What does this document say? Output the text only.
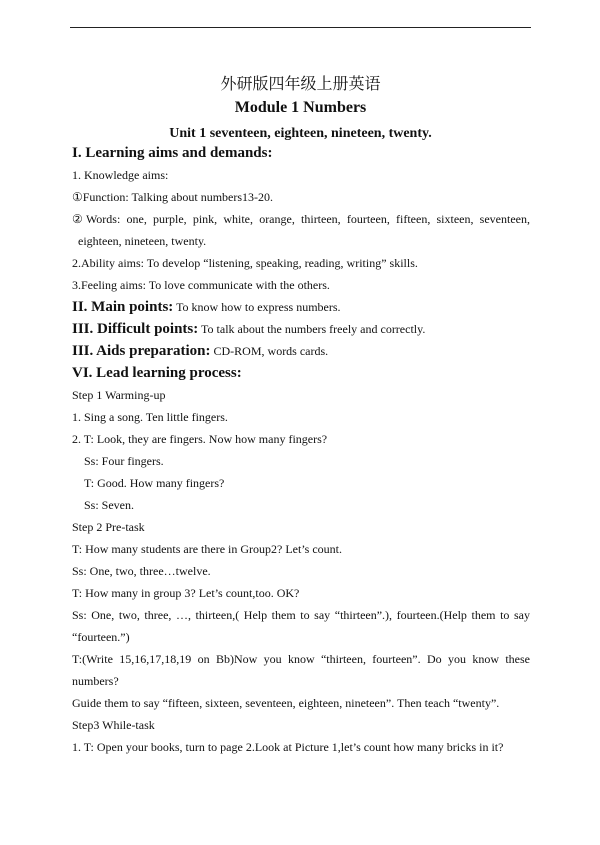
外研版四年级上册英语
Module 1 Numbers
Unit 1 seventeen, eighteen, nineteen, twenty.
I. Learning aims and demands:
1. Knowledge aims:
①Function: Talking about numbers13-20.
②Words: one, purple, pink, white, orange, thirteen, fourteen, fifteen, sixteen, seventeen,
eighteen, nineteen, twenty.
2.Ability aims: To develop “listening, speaking, reading, writing” skills.
3.Feeling aims: To love communicate with the others.
II. Main points: To know how to express numbers.
III. Difficult points: To talk about the numbers freely and correctly.
III. Aids preparation: CD-ROM, words cards.
VI. Lead learning process:
Step 1 Warming-up
1. Sing a song. Ten little fingers.
2. T: Look, they are fingers. Now how many fingers?
Ss: Four fingers.
T: Good. How many fingers?
Ss: Seven.
Step 2 Pre-task
T: How many students are there in Group2? Let’s count.
Ss: One, two, three…twelve.
T: How many in group 3? Let’s count,too. OK?
Ss: One, two, three, …, thirteen,( Help them to say “thirteen”.), fourteen.(Help them to say
“fourteen.”)
T:(Write 15,16,17,18,19 on Bb)Now you know “thirteen, fourteen”. Do you know these
numbers?
Guide them to say “fifteen, sixteen, seventeen, eighteen, nineteen”. Then teach “twenty”.
Step3 While-task
1. T: Open your books, turn to page 2.Look at Picture 1,let’s count how many bricks in it?
